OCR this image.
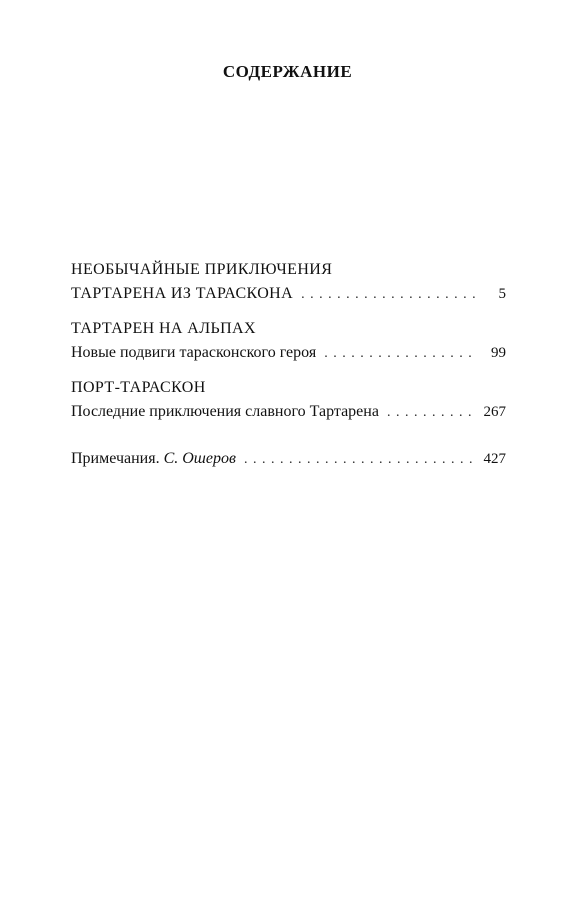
СОДЕРЖАНИЕ
НЕОБЫЧАЙНЫЕ ПРИКЛЮЧЕНИЯ
ТАРТАРЕНА ИЗ ТАРАСКОНА . . .	5
ТАРТАРЕН НА АЛЬПАХ
Новые подвиги тарасконского героя . . .	99
ПОРТ-ТАРАСКОН
Последние приключения славного Тартарена . . .	267
Примечания. С. Ошеров . . .	427
